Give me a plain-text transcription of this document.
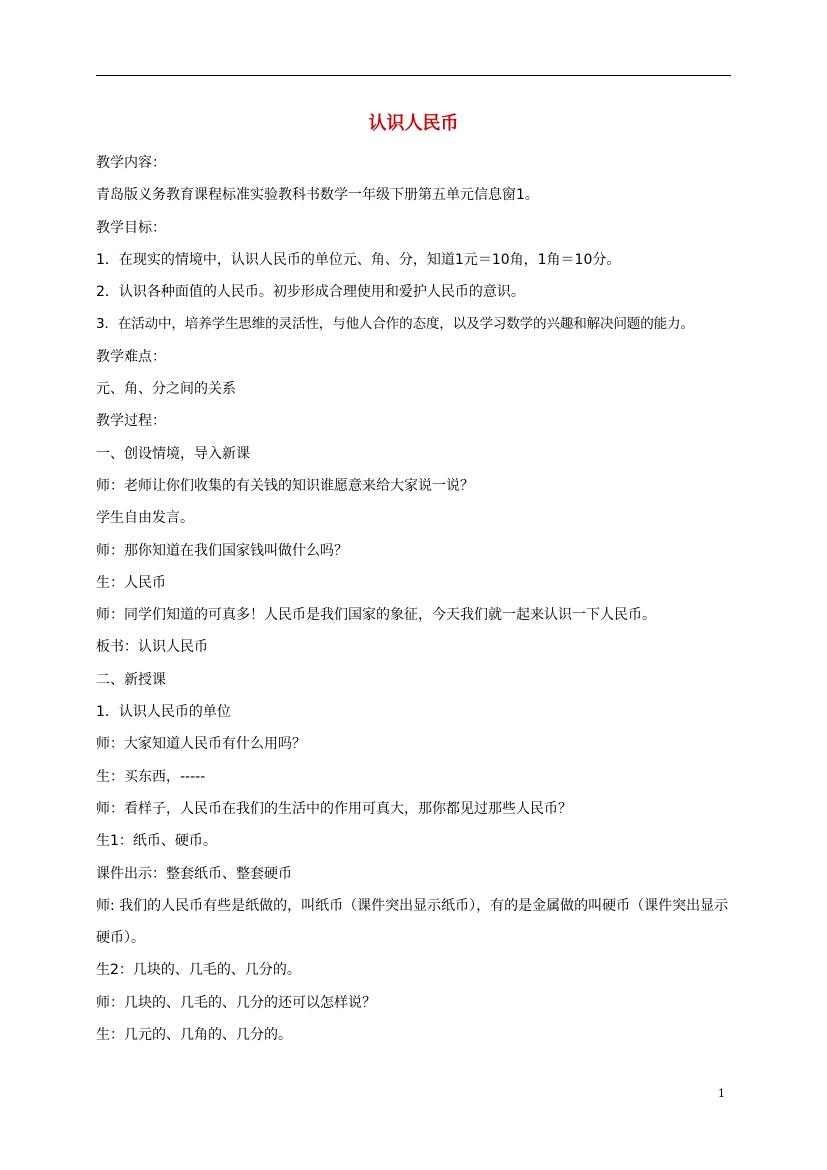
认识人民币

教学内容：

青岛版义务教育课程标准实验教科书数学一年级下册第五单元信息窗1。

教学目标：

1．在现实的情境中，认识人民币的单位元、角、分，知道1元＝10角，1角＝10分。

2．认识各种面值的人民币。初步形成合理使用和爱护人民币的意识。

3．在活动中，培养学生思维的灵活性，与他人合作的态度，以及学习数学的兴趣和解决问题的能力。

教学难点：

元、角、分之间的关系

教学过程：

一、创设情境，导入新课

师：老师让你们收集的有关钱的知识谁愿意来给大家说一说？

学生自由发言。

师：那你知道在我们国家钱叫做什么吗？

生：人民币

师：同学们知道的可真多！人民币是我们国家的象征，今天我们就一起来认识一下人民币。

板书：认识人民币

二、新授课

1．认识人民币的单位

师：大家知道人民币有什么用吗？

生：买东西，-----

师：看样子，人民币在我们的生活中的作用可真大，那你都见过那些人民币？

生1：纸币、硬币。

课件出示：整套纸币、整套硬币

师: 我们的人民币有些是纸做的，叫纸币（课件突出显示纸币），有的是金属做的叫硬币（课件突出显示硬币）。

生2：几块的、几毛的、几分的。

师：几块的、几毛的、几分的还可以怎样说？

生：几元的、几角的、几分的。

1
